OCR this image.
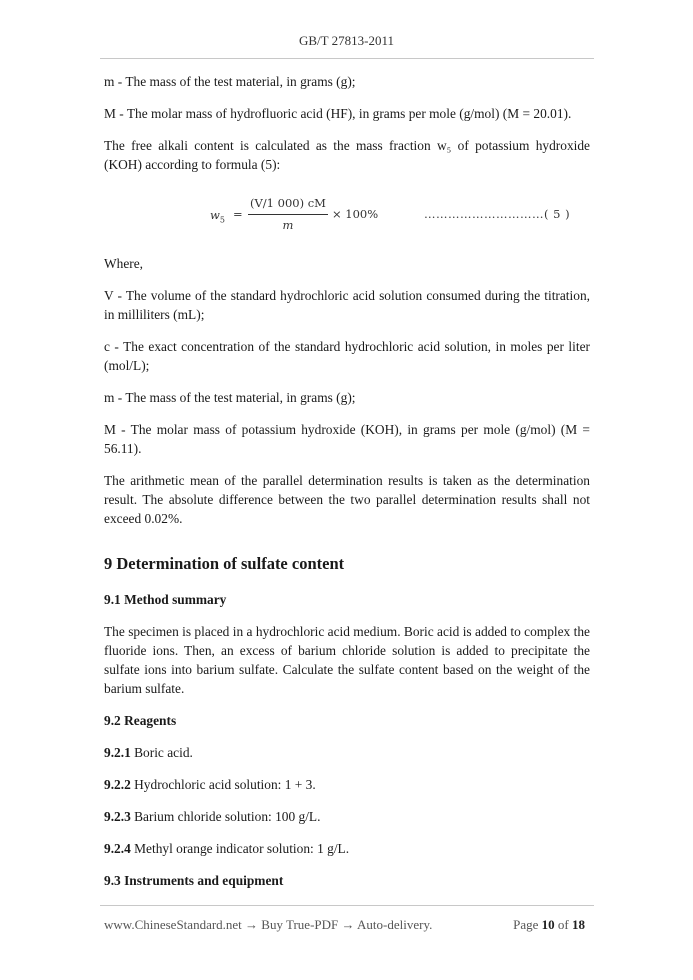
GB/T 27813-2011

m - The mass of the test material, in grams (g);

M - The molar mass of hydrofluoric acid (HF), in grams per mole (g/mol) (M = 20.01).

The free alkali content is calculated as the mass fraction w₅ of potassium hydroxide (KOH) according to formula (5):

$w_5 = \frac{(V/1 000) cM}{m} \times 100\%$	…………………………( 5 )

Where,

V - The volume of the standard hydrochloric acid solution consumed during the titration, in milliliters (mL);

c - The exact concentration of the standard hydrochloric acid solution, in moles per liter (mol/L);

m - The mass of the test material, in grams (g);

M - The molar mass of potassium hydroxide (KOH), in grams per mole (g/mol) (M = 56.11).

The arithmetic mean of the parallel determination results is taken as the determination result. The absolute difference between the two parallel determination results shall not exceed 0.02%.

9 Determination of sulfate content

9.1 Method summary

The specimen is placed in a hydrochloric acid medium. Boric acid is added to complex the fluoride ions. Then, an excess of barium chloride solution is added to precipitate the sulfate ions into barium sulfate. Calculate the sulfate content based on the weight of the barium sulfate.

9.2 Reagents

9.2.1 Boric acid.

9.2.2 Hydrochloric acid solution: 1 + 3.

9.2.3 Barium chloride solution: 100 g/L.

9.2.4 Methyl orange indicator solution: 1 g/L.

9.3 Instruments and equipment

www.ChineseStandard.net → Buy True-PDF → Auto-delivery.	Page 10 of 18
